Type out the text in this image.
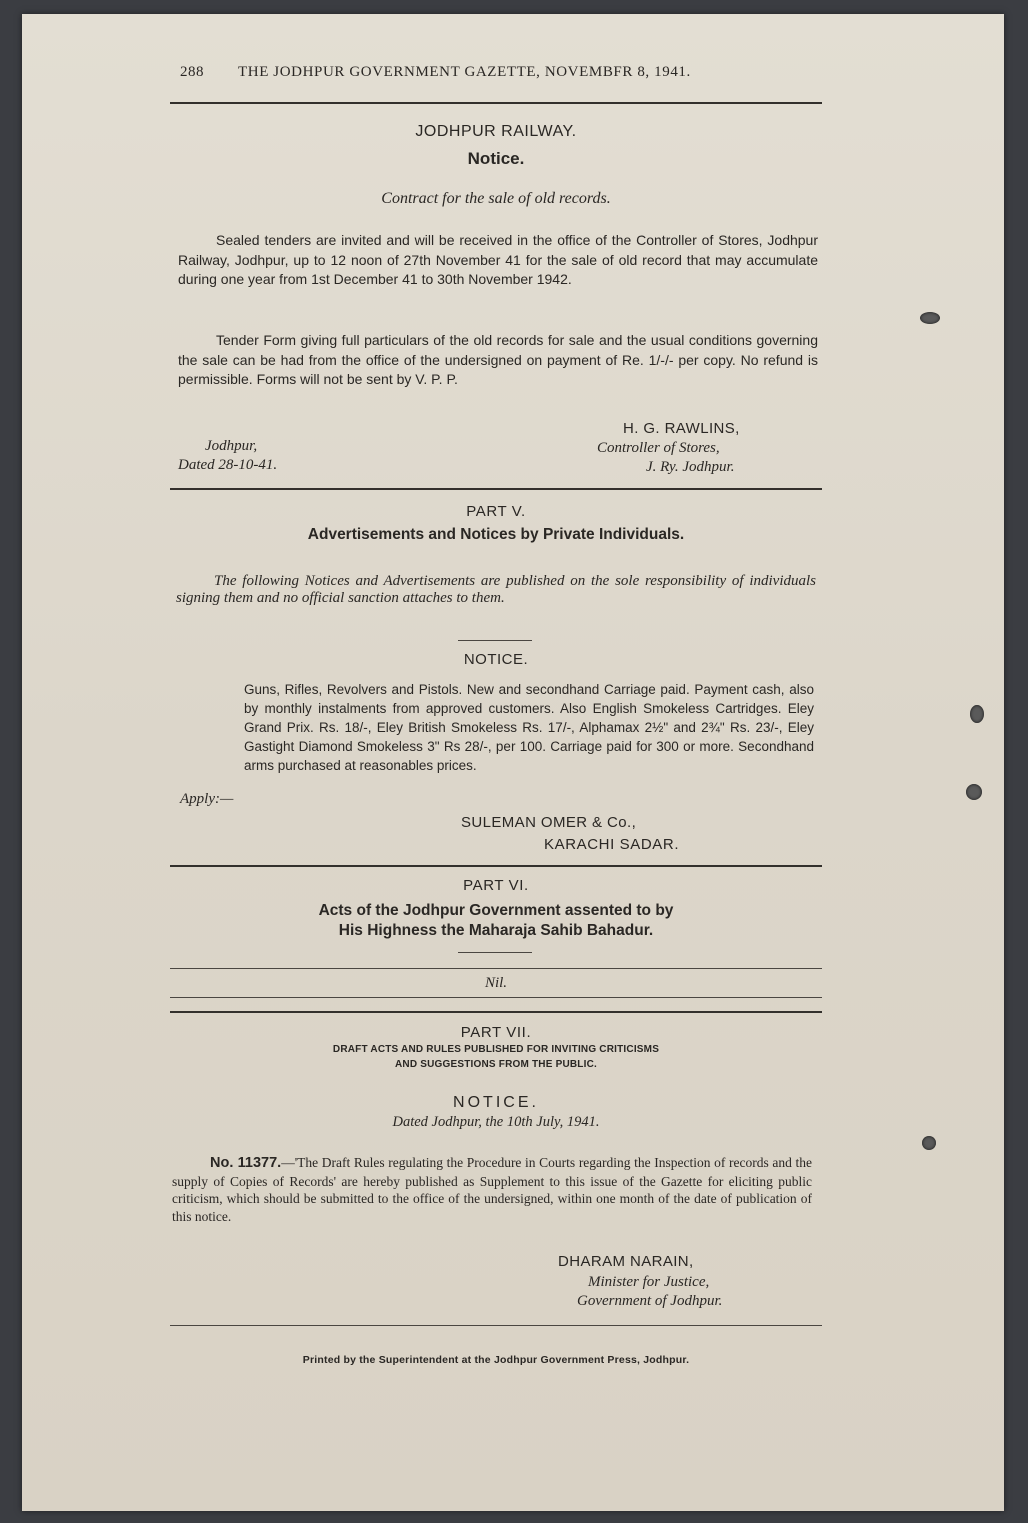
288 THE JODHPUR GOVERNMENT GAZETTE, NOVEMBFR 8, 1941.
JODHPUR RAILWAY.
Notice.
Contract for the sale of old records.
Sealed tenders are invited and will be received in the office of the Controller of Stores, Jodhpur Railway, Jodhpur, up to 12 noon of 27th November 41 for the sale of old record that may accumulate during one year from 1st December 41 to 30th November 1942.
Tender Form giving full particulars of the old records for sale and the usual conditions governing the sale can be had from the office of the undersigned on payment of Re. 1/-/- per copy. No refund is permissible. Forms will not be sent by V. P. P.
Jodhpur,
Dated 28-10-41.
H. G. RAWLINS,
Controller of Stores,
J. Ry. Jodhpur.
PART V.
Advertisements and Notices by Private Individuals.
The following Notices and Advertisements are published on the sole responsibility of individuals signing them and no official sanction attaches to them.
NOTICE.
Guns, Rifles, Revolvers and Pistols. New and secondhand Carriage paid. Payment cash, also by monthly instalments from approved customers. Also English Smokeless Cartridges. Eley Grand Prix. Rs. 18/-, Eley British Smokeless Rs. 17/-, Alphamax 2½" and 2¾" Rs. 23/-, Eley Gastight Diamond Smokeless 3" Rs 28/-, per 100. Carriage paid for 300 or more. Secondhand arms purchased at reasonables prices.
Apply:—
SULEMAN OMER & Co.,
KARACHI SADAR.
PART VI.
Acts of the Jodhpur Government assented to by
His Highness the Maharaja Sahib Bahadur.
Nil.
PART VII.
DRAFT ACTS AND RULES PUBLISHED FOR INVITING CRITICISMS
AND SUGGESTIONS FROM THE PUBLIC.
NOTICE.
Dated Jodhpur, the 10th July, 1941.
No. 11377.—'The Draft Rules regulating the Procedure in Courts regarding the Inspection of records and the supply of Copies of Records' are hereby published as Supplement to this issue of the Gazette for eliciting public criticism, which should be submitted to the office of the undersigned, within one month of the date of publication of this notice.
DHARAM NARAIN,
Minister for Justice,
Government of Jodhpur.
Printed by the Superintendent at the Jodhpur Government Press, Jodhpur.
